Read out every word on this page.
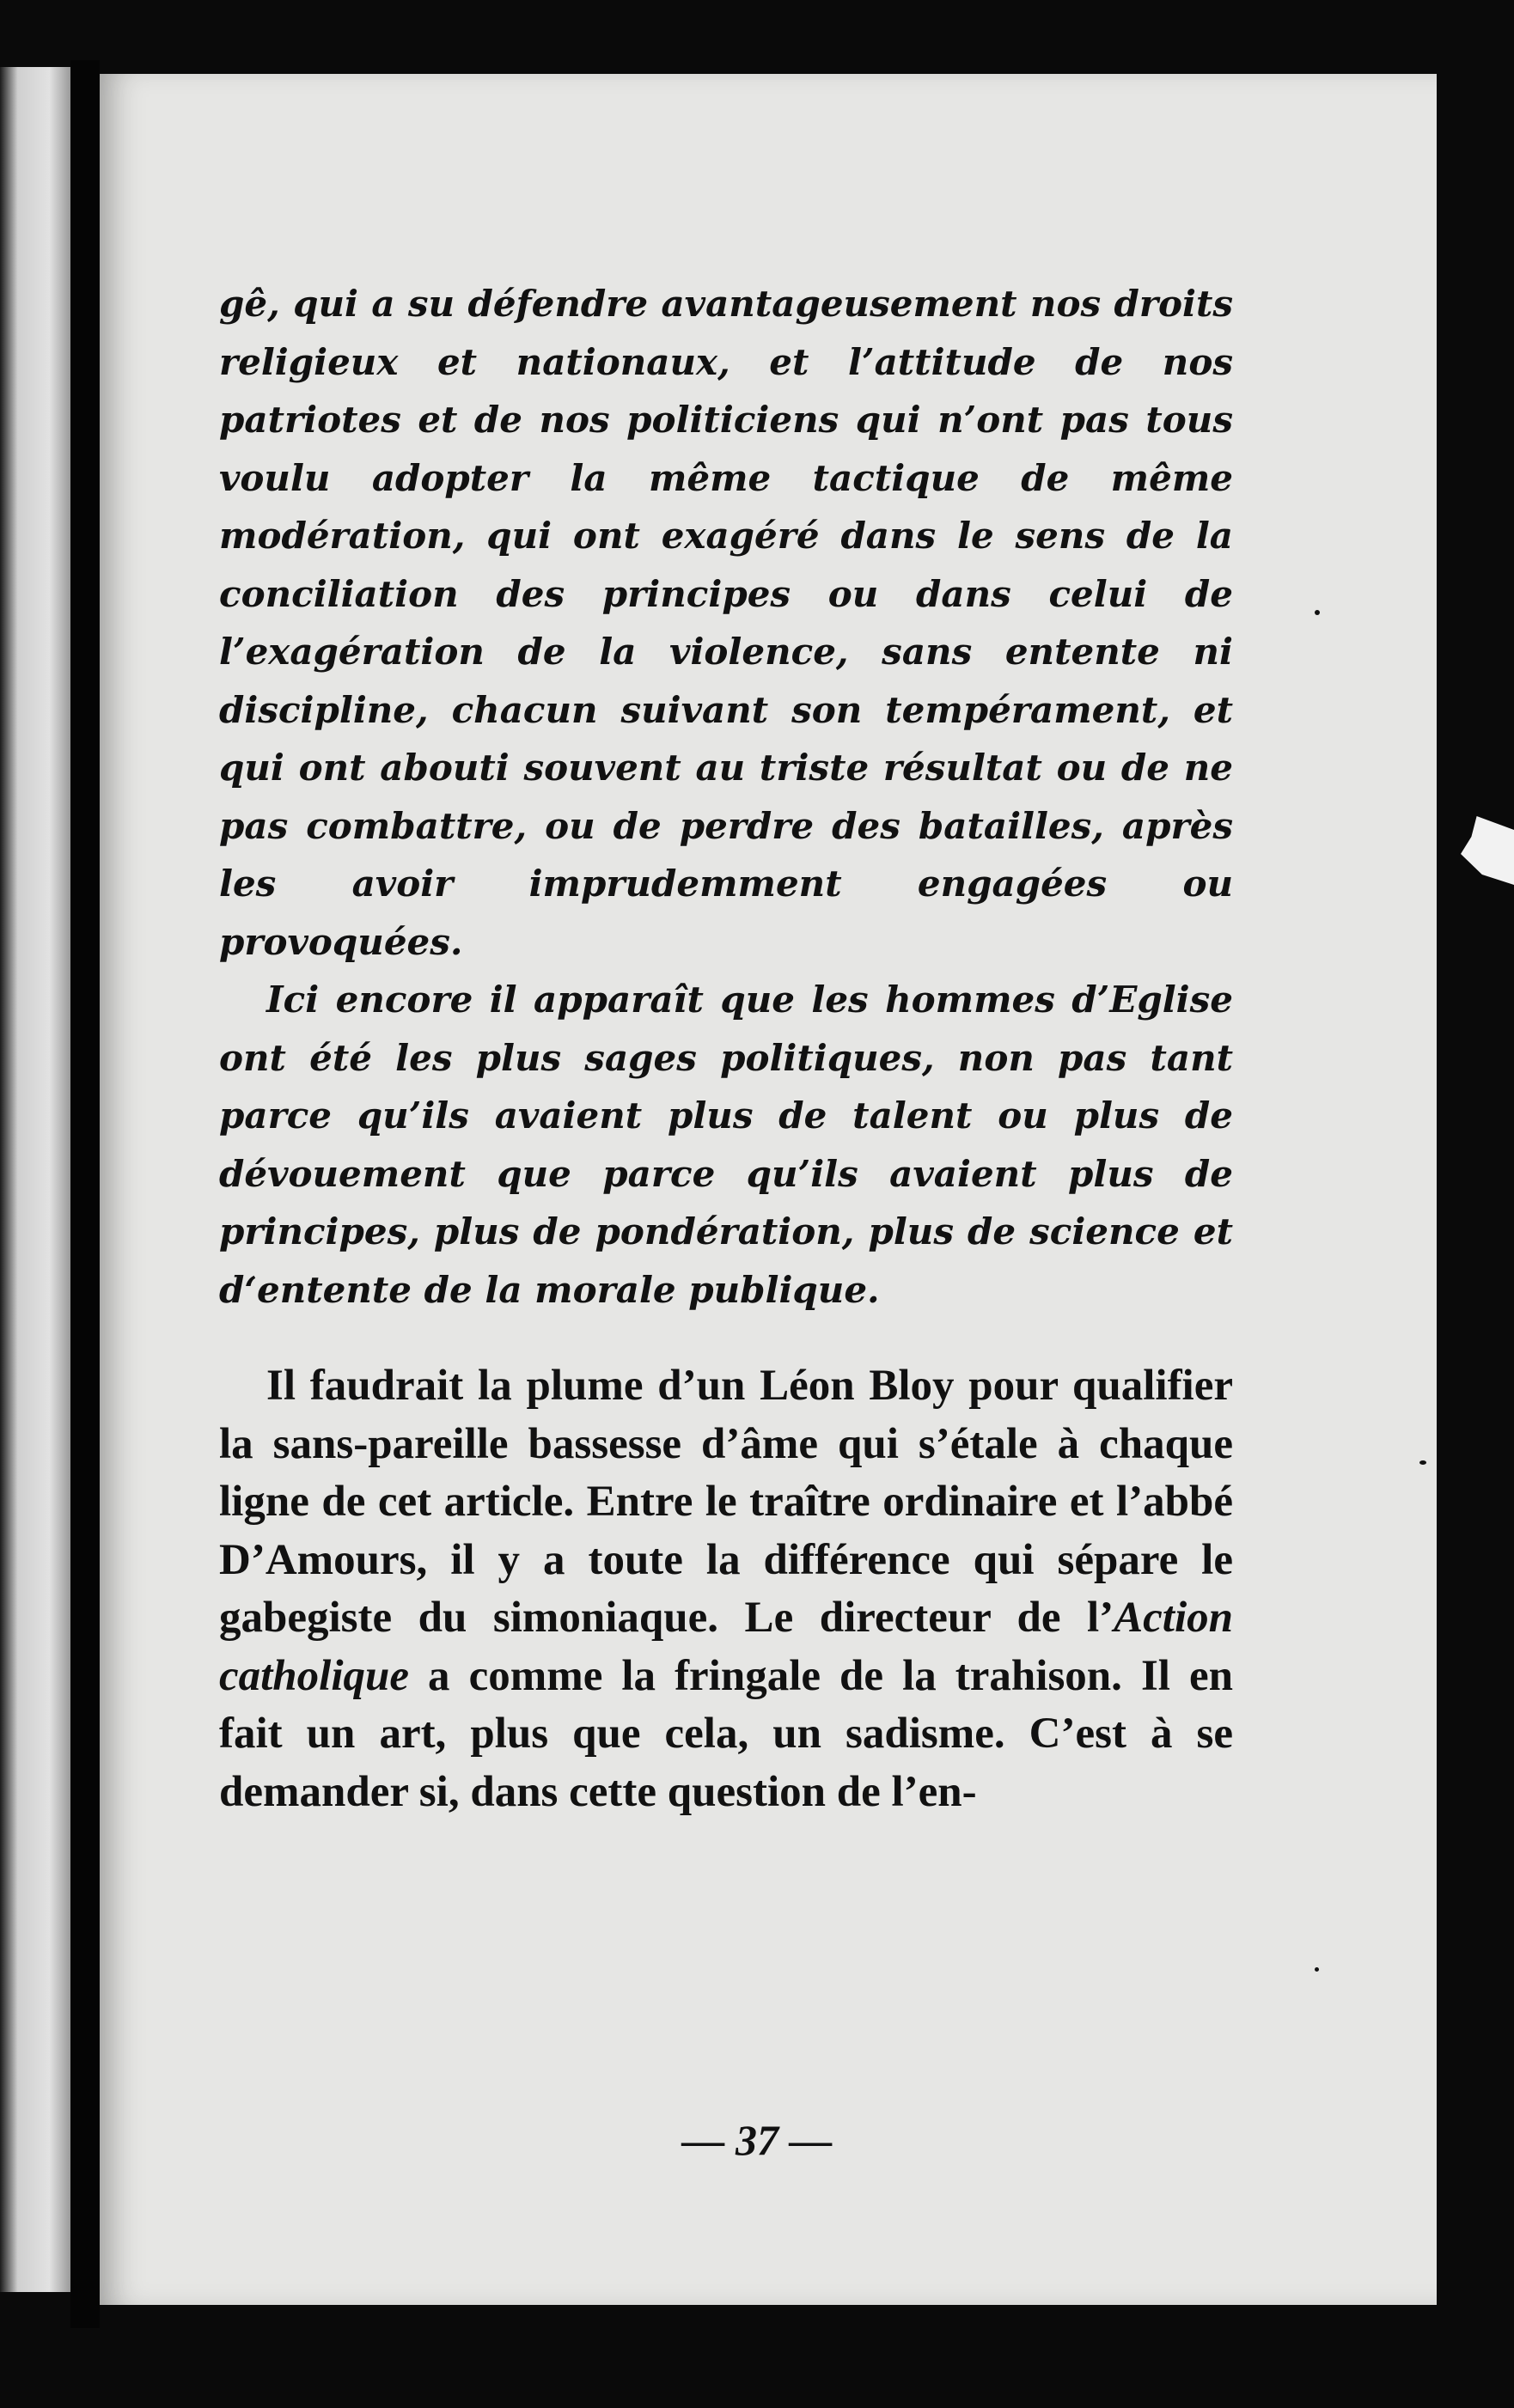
gê, qui a su défendre avantageusement nos droits religieux et nationaux, et l’attitude de nos patriotes et de nos politiciens qui n’ont pas tous voulu adopter la même tactique de même modération, qui ont exagéré dans le sens de la conciliation des principes ou dans celui de l’exagération de la violence, sans entente ni discipline, chacun suivant son tempérament, et qui ont abouti souvent au triste résultat ou de ne pas combattre, ou de perdre des batailles, après les avoir imprudemment engagées ou provoquées.

Ici encore il apparaît que les hommes d’Eglise ont été les plus sages politiques, non pas tant parce qu’ils avaient plus de talent ou plus de dévouement que parce qu’ils avaient plus de principes, plus de pondération, plus de science et d‘entente de la morale publique.

Il faudrait la plume d’un Léon Bloy pour qualifier la sans-pareille bassesse d’âme qui s’étale à chaque ligne de cet article. Entre le traître ordinaire et l’abbé D’Amours, il y a toute la différence qui sépare le gabegiste du simoniaque. Le directeur de l’Action catholique a comme la fringale de la trahison. Il en fait un art, plus que cela, un sadisme. C’est à se demander si, dans cette question de l’en-

— 37 —
